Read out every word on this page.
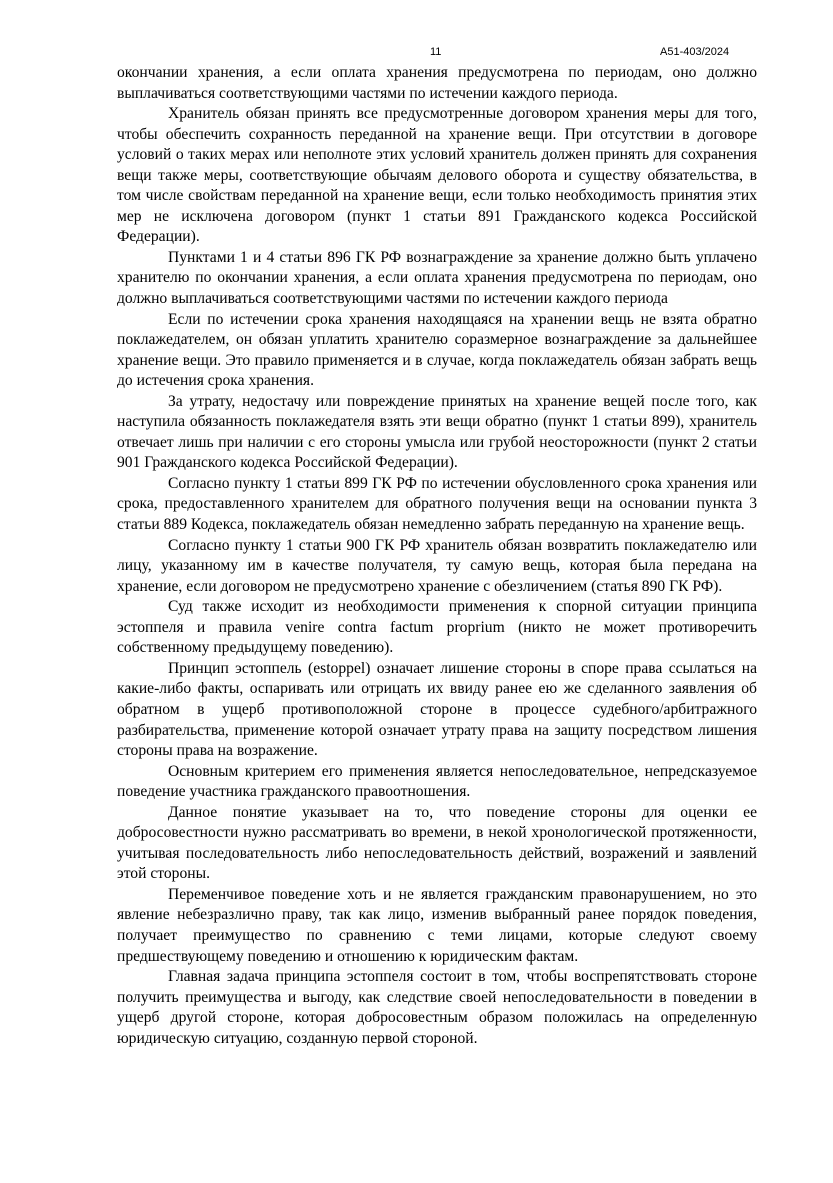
11	А51-403/2024

окончании хранения, а если оплата хранения предусмотрена по периодам, оно должно выплачиваться соответствующими частями по истечении каждого периода.

Хранитель обязан принять все предусмотренные договором хранения меры для того, чтобы обеспечить сохранность переданной на хранение вещи. При отсутствии в договоре условий о таких мерах или неполноте этих условий хранитель должен принять для сохранения вещи также меры, соответствующие обычаям делового оборота и существу обязательства, в том числе свойствам переданной на хранение вещи, если только необходимость принятия этих мер не исключена договором (пункт 1 статьи 891 Гражданского кодекса Российской Федерации).

Пунктами 1 и 4 статьи 896 ГК РФ вознаграждение за хранение должно быть уплачено хранителю по окончании хранения, а если оплата хранения предусмотрена по периодам, оно должно выплачиваться соответствующими частями по истечении каждого периода

Если по истечении срока хранения находящаяся на хранении вещь не взята обратно поклажедателем, он обязан уплатить хранителю соразмерное вознаграждение за дальнейшее хранение вещи. Это правило применяется и в случае, когда поклажедатель обязан забрать вещь до истечения срока хранения.

За утрату, недостачу или повреждение принятых на хранение вещей после того, как наступила обязанность поклажедателя взять эти вещи обратно (пункт 1 статьи 899), хранитель отвечает лишь при наличии с его стороны умысла или грубой неосторожности (пункт 2 статьи 901 Гражданского кодекса Российской Федерации).

Согласно пункту 1 статьи 899 ГК РФ по истечении обусловленного срока хранения или срока, предоставленного хранителем для обратного получения вещи на основании пункта 3 статьи 889 Кодекса, поклажедатель обязан немедленно забрать переданную на хранение вещь.

Согласно пункту 1 статьи 900 ГК РФ хранитель обязан возвратить поклажедателю или лицу, указанному им в качестве получателя, ту самую вещь, которая была передана на хранение, если договором не предусмотрено хранение с обезличением (статья 890 ГК РФ).

Суд также исходит из необходимости применения к спорной ситуации принципа эстоппеля и правила venire contra factum proprium (никто не может противоречить собственному предыдущему поведению).

Принцип эстоппель (estoppel) означает лишение стороны в споре права ссылаться на какие-либо факты, оспаривать или отрицать их ввиду ранее ею же сделанного заявления об обратном в ущерб противоположной стороне в процессе судебного/арбитражного разбирательства, применение которой означает утрату права на защиту посредством лишения стороны права на возражение.

Основным критерием его применения является непоследовательное, непредсказуемое поведение участника гражданского правоотношения.

Данное понятие указывает на то, что поведение стороны для оценки ее добросовестности нужно рассматривать во времени, в некой хронологической протяженности, учитывая последовательность либо непоследовательность действий, возражений и заявлений этой стороны.

Переменчивое поведение хоть и не является гражданским правонарушением, но это явление небезразлично праву, так как лицо, изменив выбранный ранее порядок поведения, получает преимущество по сравнению с теми лицами, которые следуют своему предшествующему поведению и отношению к юридическим фактам.

Главная задача принципа эстоппеля состоит в том, чтобы воспрепятствовать стороне получить преимущества и выгоду, как следствие своей непоследовательности в поведении в ущерб другой стороне, которая добросовестным образом положилась на определенную юридическую ситуацию, созданную первой стороной.
